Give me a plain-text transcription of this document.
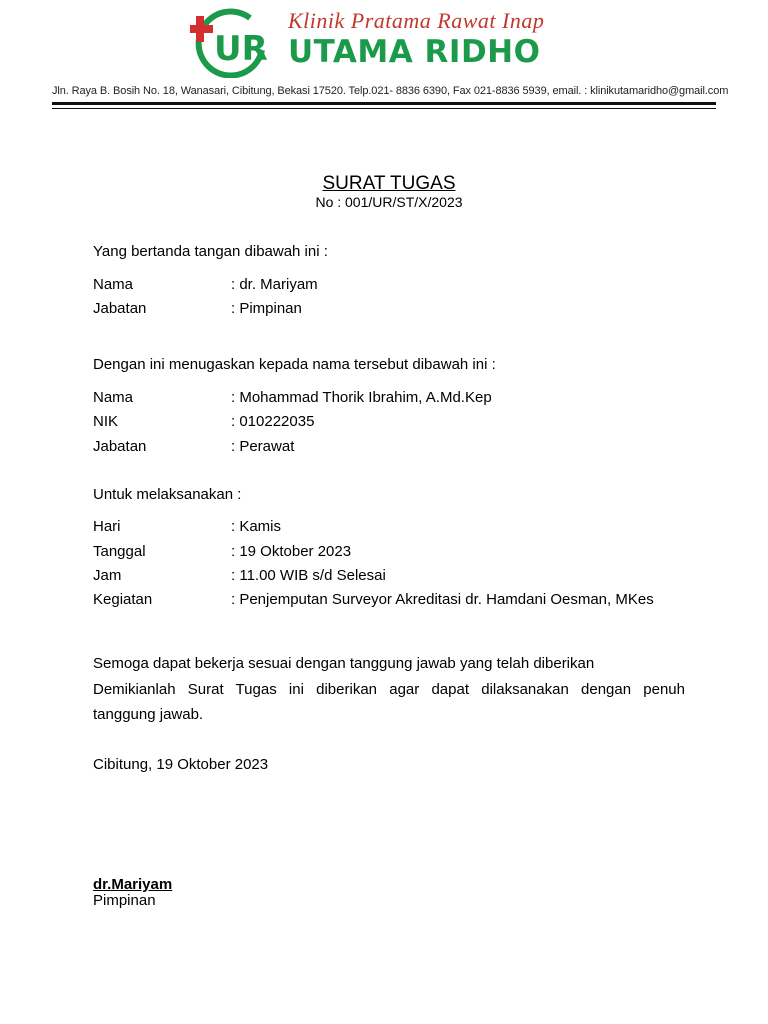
UR
Klinik Pratama Rawat Inap
UTAMA RIDHO
Jln. Raya B. Bosih No. 18, Wanasari, Cibitung, Bekasi 17520. Telp.021- 8836 6390, Fax 021-8836 5939, email. : klinikutamaridho@gmail.com
SURAT TUGAS
No : 001/UR/ST/X/2023
Yang bertanda tangan dibawah ini :
Nama	: dr. Mariyam
Jabatan	: Pimpinan
Dengan ini menugaskan kepada nama tersebut dibawah ini :
Nama	: Mohammad Thorik Ibrahim, A.Md.Kep
NIK	: 010222035
Jabatan	: Perawat
Untuk melaksanakan :
Hari	: Kamis
Tanggal	: 19 Oktober 2023
Jam	: 11.00 WIB s/d Selesai
Kegiatan	: Penjemputan Surveyor Akreditasi dr. Hamdani Oesman, MKes
Semoga dapat bekerja sesuai dengan tanggung jawab yang telah diberikan
Demikianlah Surat Tugas ini diberikan agar dapat dilaksanakan dengan penuh
tanggung jawab.
Cibitung, 19 Oktober 2023
dr.Mariyam
Pimpinan
